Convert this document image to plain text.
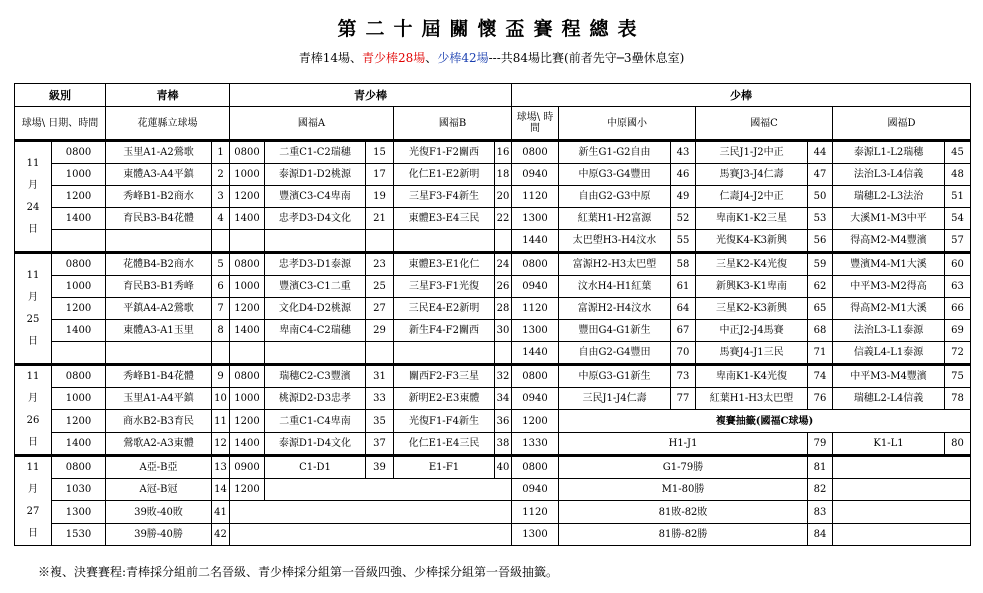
第二十屆關懷盃賽程總表
青棒14場、青少棒28場、少棒42場---共84場比賽(前者先守─3壘休息室)
級別		青棒		青少棒					少棒						
球場\ 日期、時間		花蓮縣立球場		國福A			國福B		球場\ 時間	中原國小		國福C		國福D	

11
月
24
日	0800	玉里A1-A2鶯歌	1	0800	二重C1-C2瑞穗	15	光復F1-F2關西	16	0800	新生G1-G2自由	43	三民J1-J2中正	44	泰源L1-L2瑞穗	45
	1000	東體A3-A4平鎮	2	1000	泰源D1-D2桃源	17	化仁E1-E2新明	18	0940	中原G3-G4豐田	46	馬賽J3-J4仁壽	47	法治L3-L4信義	48
	1200	秀峰B1-B2商水	3	1200	豐濱C3-C4卑南	19	三星F3-F4新生	20	1120	自由G2-G3中原	49	仁壽J4-J2中正	50	瑞穗L2-L3法治	51
	1400	育民B3-B4花體	4	1400	忠孝D3-D4文化	21	東體E3-E4三民	22	1300	紅葉H1-H2富源	52	卑南K1-K2三星	53	大溪M1-M3中平	54
									1440	太巴塱H3-H4汶水	55	光復K4-K3新興	56	得高M2-M4豐濱	57

11
月
25
日	0800	花體B4-B2商水	5	0800	忠孝D3-D1泰源	23	東體E3-E1化仁	24	0800	富源H2-H3太巴塱	58	三星K2-K4光復	59	豐濱M4-M1大溪	60
	1000	育民B3-B1秀峰	6	1000	豐濱C3-C1二重	25	三星F3-F1光復	26	0940	汶水H4-H1紅葉	61	新興K3-K1卑南	62	中平M3-M2得高	63
	1200	平鎮A4-A2鶯歌	7	1200	文化D4-D2桃源	27	三民E4-E2新明	28	1120	富源H2-H4汶水	64	三星K2-K3新興	65	得高M2-M1大溪	66
	1400	東體A3-A1玉里	8	1400	卑南C4-C2瑞穗	29	新生F4-F2關西	30	1300	豐田G4-G1新生	67	中正J2-J4馬賽	68	法治L3-L1泰源	69
									1440	自由G2-G4豐田	70	馬賽J4-J1三民	71	信義L4-L1泰源	72

11
月
26
日	0800	秀峰B1-B4花體	9	0800	瑞穗C2-C3豐濱	31	關西F2-F3三星	32	0800	中原G3-G1新生	73	卑南K1-K4光復	74	中平M3-M4豐濱	75
	1000	玉里A1-A4平鎮	10	1000	桃源D2-D3忠孝	33	新明E2-E3東體	34	0940	三民J1-J4仁壽	77	紅葉H1-H3太巴塱	76	瑞穗L2-L4信義	78
	1200	商水B2-B3育民	11	1200	二重C1-C4卑南	35	光復F1-F4新生	36	1200	複賽抽籤(國福C球場)					
	1400	鶯歌A2-A3東體	12	1400	泰源D1-D4文化	37	化仁E1-E4三民	38	1330	H1-J1			79	K1-L1	80

11
月
27
日	0800	A亞-B亞	13	0900	C1-D1	39	E1-F1	40	0800	G1-79勝			81		
	1030	A冠-B冠	14	1200					0940	M1-80勝			82		
	1300	39敗-40敗	41						1120	81敗-82敗			83		
	1530	39勝-40勝	42						1300	81勝-82勝			84		
※複、決賽賽程:青棒採分組前二名晉級、青少棒採分組第一晉級四強、少棒採分組第一晉級抽籤。
